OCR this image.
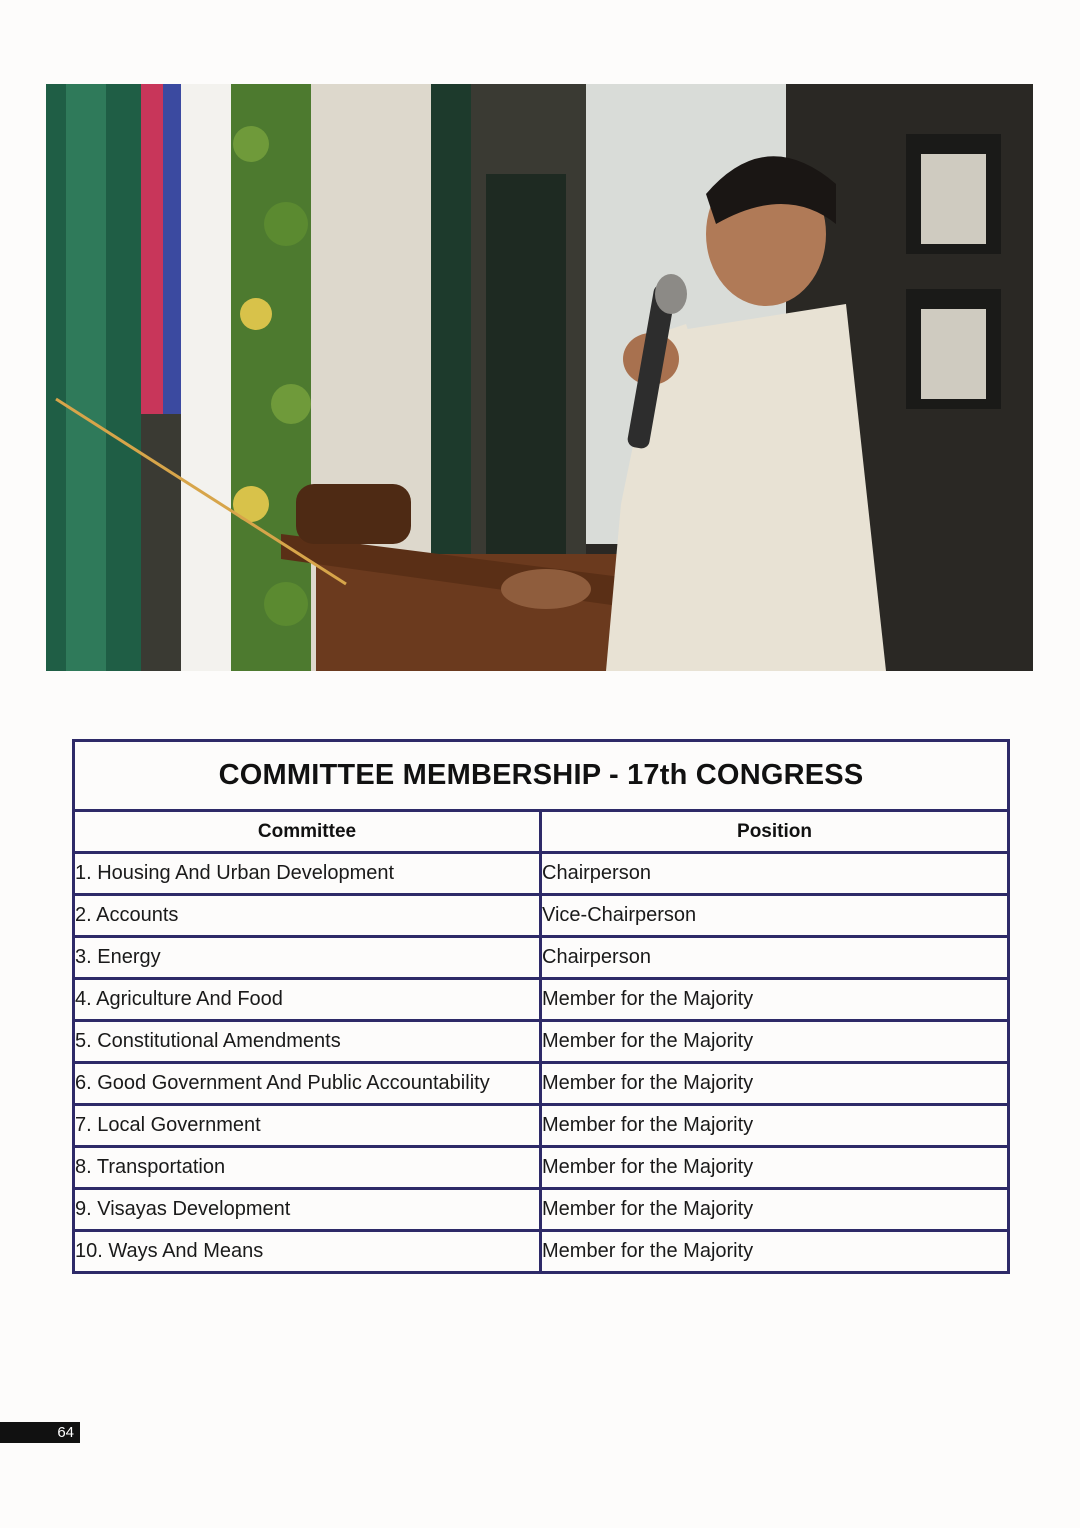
COMMITTEE MEMBERSHIP - 17th CONGRESS	
Committee	Position
1. Housing And Urban Development	Chairperson
2. Accounts	Vice-Chairperson
3. Energy	Chairperson
4. Agriculture And Food	Member for the Majority
5. Constitutional Amendments	Member for the Majority
6. Good Government And Public Accountability	Member for the Majority
7. Local Government	Member for the Majority
8. Transportation	Member for the Majority
9. Visayas Development	Member for the Majority
10. Ways And Means	Member for the Majority
64
